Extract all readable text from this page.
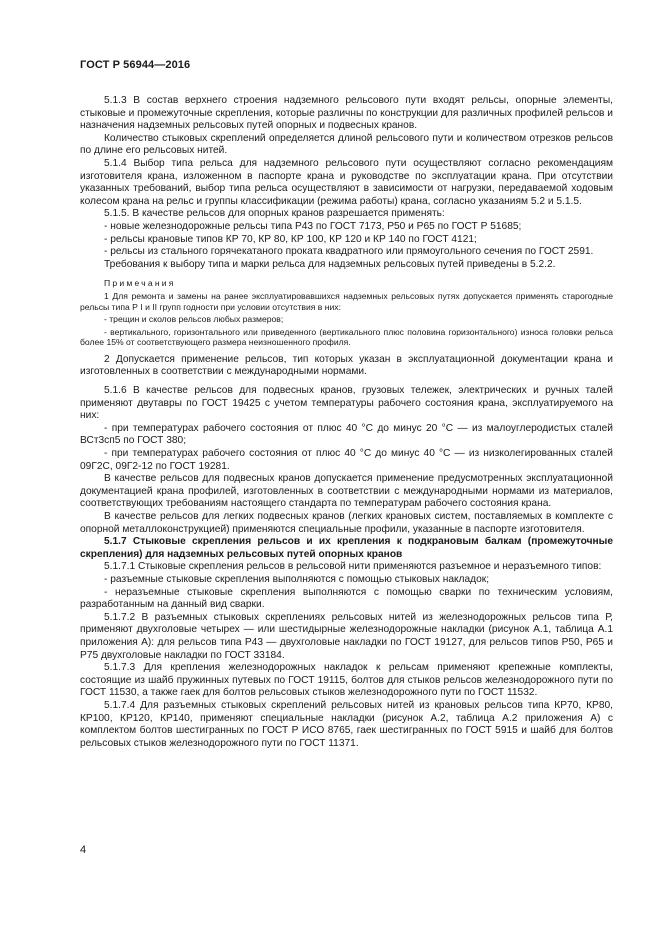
ГОСТ Р 56944—2016

5.1.3 В состав верхнего строения надземного рельсового пути входят рельсы, опорные элементы, стыковые и промежуточные скрепления, которые различны по конструкции для различных профилей рельсов и назначения надземных рельсовых путей опорных и подвесных кранов.

Количество стыковых скреплений определяется длиной рельсового пути и количеством отрезков рельсов по длине его рельсовых нитей.

5.1.4 Выбор типа рельса для надземного рельсового пути осуществляют согласно рекомендациям изготовителя крана, изложенном в паспорте крана и руководстве по эксплуатации крана. При отсутствии указанных требований, выбор типа рельса осуществляют в зависимости от нагрузки, передаваемой ходовым колесом крана на рельс и группы классификации (режима работы) крана, согласно указаниям 5.2 и 5.1.5.

5.1.5. В качестве рельсов для опорных кранов разрешается применять:

- новые железнодорожные рельсы типа Р43 по ГОСТ 7173, Р50 и Р65 по ГОСТ Р 51685;

- рельсы крановые типов КР 70, КР 80, КР 100, КР 120 и КР 140 по ГОСТ 4121;

- рельсы из стального горячекатаного проката квадратного или прямоугольного сечения по ГОСТ 2591.

Требования к выбору типа и марки рельса для надземных рельсовых путей приведены в 5.2.2.

Примечания

1 Для ремонта и замены на ранее эксплуатировавшихся надземных рельсовых путях допускается применять старогодные рельсы типа Р I и II групп годности при условии отсутствия в них:

- трещин и сколов рельсов любых размеров;

- вертикального, горизонтального или приведенного (вертикального плюс половина горизонтального) износа головки рельса более 15% от соответствующего размера неизношенного профиля.

2 Допускается применение рельсов, тип которых указан в эксплуатационной документации крана и изготовленных в соответствии с международными нормами.

5.1.6 В качестве рельсов для подвесных кранов, грузовых тележек, электрических и ручных талей применяют двутавры по ГОСТ 19425 с учетом температуры рабочего состояния крана, эксплуатируемого на них:

- при температурах рабочего состояния от плюс 40 °С до минус 20 °С — из малоуглеродистых сталей ВСт3сп5 по ГОСТ 380;

- при температурах рабочего состояния от плюс 40 °С до минус 40 °С — из низколегированных сталей 09Г2С, 09Г2-12 по ГОСТ 19281.

В качестве рельсов для подвесных кранов допускается применение предусмотренных эксплуатационной документацией крана профилей, изготовленных в соответствии с международными нормами из материалов, соответствующих требованиям настоящего стандарта по температурам рабочего состояния крана.

В качестве рельсов для легких подвесных кранов (легких крановых систем, поставляемых в комплекте с опорной металлоконструкцией) применяются специальные профили, указанные в паспорте изготовителя.

5.1.7 Стыковые скрепления рельсов и их крепления к подкрановым балкам (промежуточные скрепления) для надземных рельсовых путей опорных кранов

5.1.7.1 Стыковые скрепления рельсов в рельсовой нити применяются разъемное и неразъемного типов:

- разъемные стыковые скрепления выполняются с помощью стыковых накладок;

- неразъемные стыковые скрепления выполняются с помощью сварки по техническим условиям, разработанным на данный вид сварки.

5.1.7.2 В разъемных стыковых скреплениях рельсовых нитей из железнодорожных рельсов типа Р, применяют двухголовые четырех — или шестидырные железнодорожные накладки (рисунок А.1, таблица А.1 приложения А): для рельсов типа Р43 — двухголовые накладки по ГОСТ 19127, для рельсов типов Р50, Р65 и Р75 двухголовые накладки по ГОСТ 33184.

5.1.7.3 Для крепления железнодорожных накладок к рельсам применяют крепежные комплекты, состоящие из шайб пружинных путевых по ГОСТ 19115, болтов для стыков рельсов железнодорожного пути по ГОСТ 11530, а также гаек для болтов рельсовых стыков железнодорожного пути по ГОСТ 11532.

5.1.7.4 Для разъемных стыковых скреплений рельсовых нитей из крановых рельсов типа КР70, КР80, КР100, КР120, КР140, применяют специальные накладки (рисунок А.2, таблица А.2 приложения А) с комплектом болтов шестигранных по ГОСТ Р ИСО 8765, гаек шестигранных по ГОСТ 5915 и шайб для болтов рельсовых стыков железнодорожного пути по ГОСТ 11371.

4
